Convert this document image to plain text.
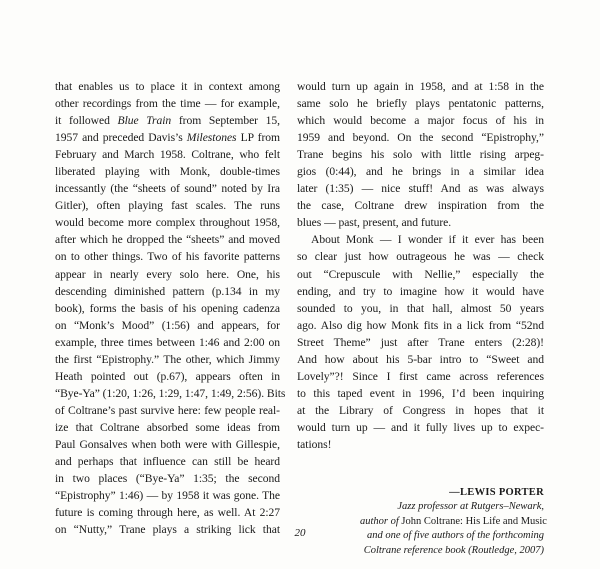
that enables us to place it in context among
other recordings from the time — for example,
it followed Blue Train from September 15,
1957 and preceded Davis’s Milestones LP from
February and March 1958. Coltrane, who felt
liberated playing with Monk, double-times
incessantly (the “sheets of sound” noted by Ira
Gitler), often playing fast scales. The runs
would become more complex throughout 1958,
after which he dropped the “sheets” and moved
on to other things. Two of his favorite patterns
appear in nearly every solo here. One, his
descending diminished pattern (p.134 in my
book), forms the basis of his opening cadenza
on “Monk’s Mood” (1:56) and appears, for
example, three times between 1:46 and 2:00 on
the first “Epistrophy.” The other, which Jimmy
Heath pointed out (p.67), appears often in
“Bye-Ya” (1:20, 1:26, 1:29, 1:47, 1:49, 2:56). Bits
of Coltrane’s past survive here: few people real-
ize that Coltrane absorbed some ideas from
Paul Gonsalves when both were with Gillespie,
and perhaps that influence can still be heard
in two places (“Bye-Ya” 1:35; the second
“Epistrophy” 1:46) — by 1958 it was gone. The
future is coming through here, as well. At 2:27
on “Nutty,” Trane plays a striking lick that
would turn up again in 1958, and at 1:58 in the
same solo he briefly plays pentatonic patterns,
which would become a major focus of his in
1959 and beyond. On the second “Epistrophy,”
Trane begins his solo with little rising arpeg-
gios (0:44), and he brings in a similar idea
later (1:35) — nice stuff! And as was always
the case, Coltrane drew inspiration from the
blues — past, present, and future.
About Monk — I wonder if it ever has been
so clear just how outrageous he was — check
out “Crepuscule with Nellie,” especially the
ending, and try to imagine how it would have
sounded to you, in that hall, almost 50 years
ago. Also dig how Monk fits in a lick from “52nd
Street Theme” just after Trane enters (2:28)!
And how about his 5-bar intro to “Sweet and
Lovely”?! Since I first came across references
to this taped event in 1996, I’d been inquiring
at the Library of Congress in hopes that it
would turn up — and it fully lives up to expec-
tations!
—LEWIS PORTER
Jazz professor at Rutgers–Newark,
author of John Coltrane: His Life and Music
and one of five authors of the forthcoming
Coltrane reference book (Routledge, 2007)
20
